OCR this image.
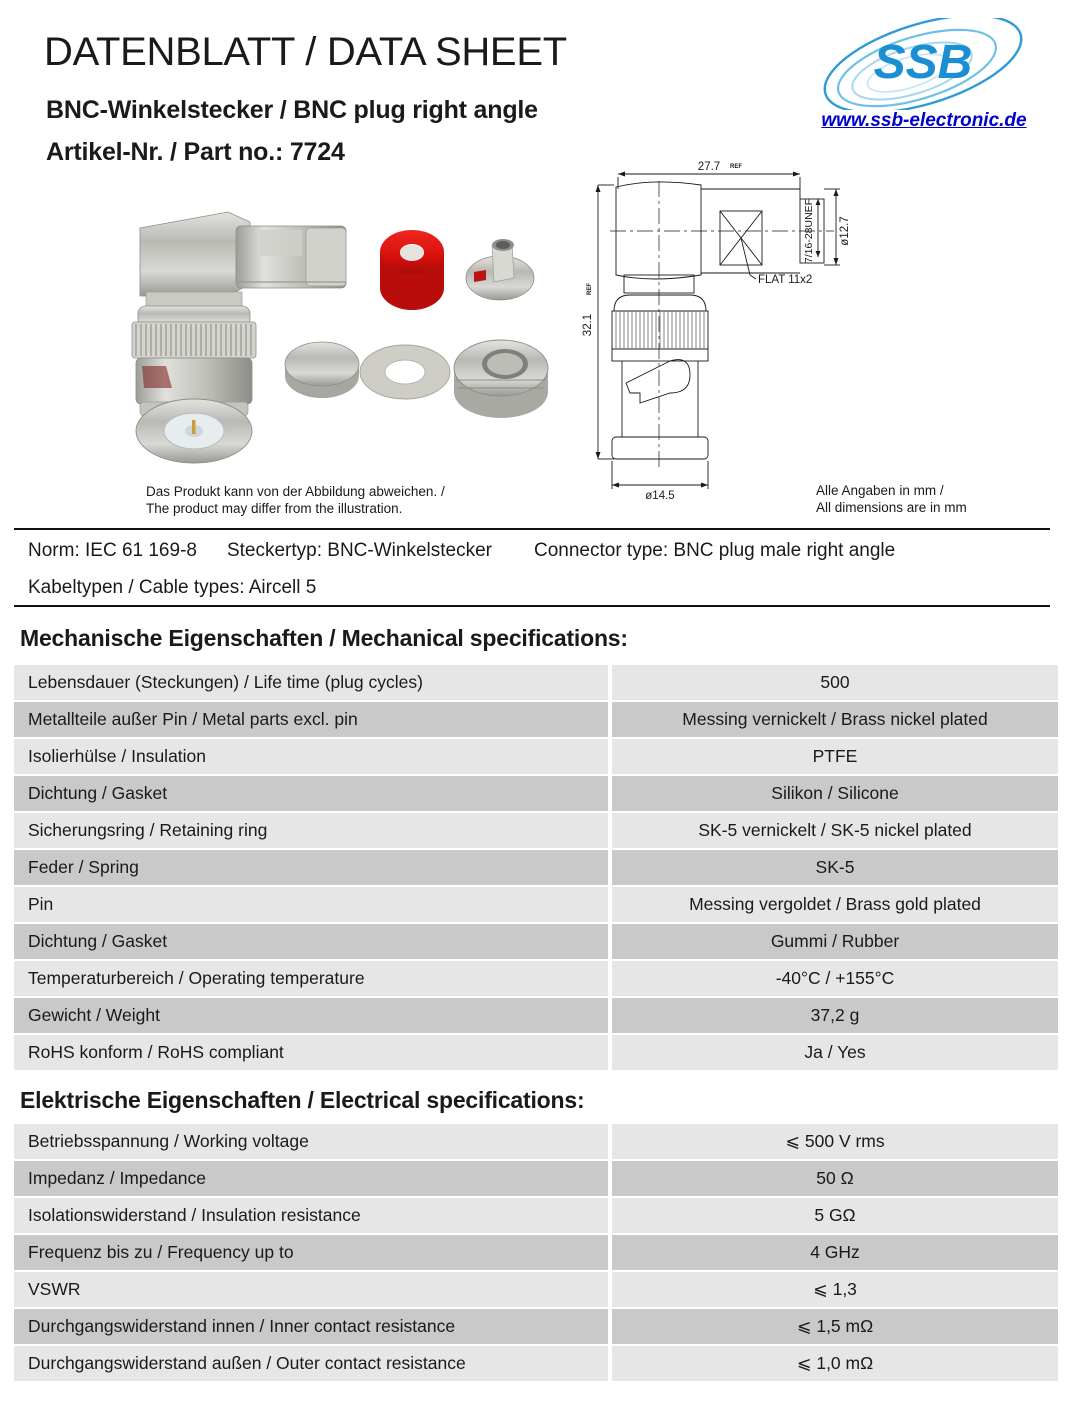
DATENBLATT / DATA SHEET
BNC-Winkelstecker / BNC plug right angle
Artikel-Nr. / Part no.: 7724
SSB
www.ssb-electronic.de
Das Produkt kann von der Abbildung abweichen. /
The product may differ from the illustration.
27.7 REF
32.1
REF
ø14.5
ø12.7
7/16-28UNEF
FLAT 11x2
Alle Angaben in mm /
All dimensions are in mm
Norm: IEC 61 169-8 Steckertyp: BNC-Winkelstecker Connector type: BNC plug male right angle
Kabeltypen / Cable types: Aircell 5
Mechanische Eigenschaften / Mechanical specifications:
Lebensdauer (Steckungen) / Life time (plug cycles)	500
Metallteile außer Pin / Metal parts excl. pin	Messing vernickelt / Brass nickel plated
Isolierhülse / Insulation	PTFE
Dichtung / Gasket	Silikon / Silicone
Sicherungsring / Retaining ring	SK-5 vernickelt / SK-5 nickel plated
Feder / Spring	SK-5
Pin	Messing vergoldet / Brass gold plated
Dichtung / Gasket	Gummi / Rubber
Temperaturbereich / Operating temperature	-40°C / +155°C
Gewicht / Weight	37,2 g
RoHS konform / RoHS compliant	Ja / Yes
Elektrische Eigenschaften / Electrical specifications:
Betriebsspannung / Working voltage	⩽ 500 V rms
Impedanz / Impedance	50 Ω
Isolationswiderstand / Insulation resistance	5 GΩ
Frequenz bis zu / Frequency up to	4 GHz
VSWR	⩽ 1,3
Durchgangswiderstand innen / Inner contact resistance	⩽ 1,5 mΩ
Durchgangswiderstand außen / Outer contact resistance	⩽ 1,0 mΩ
